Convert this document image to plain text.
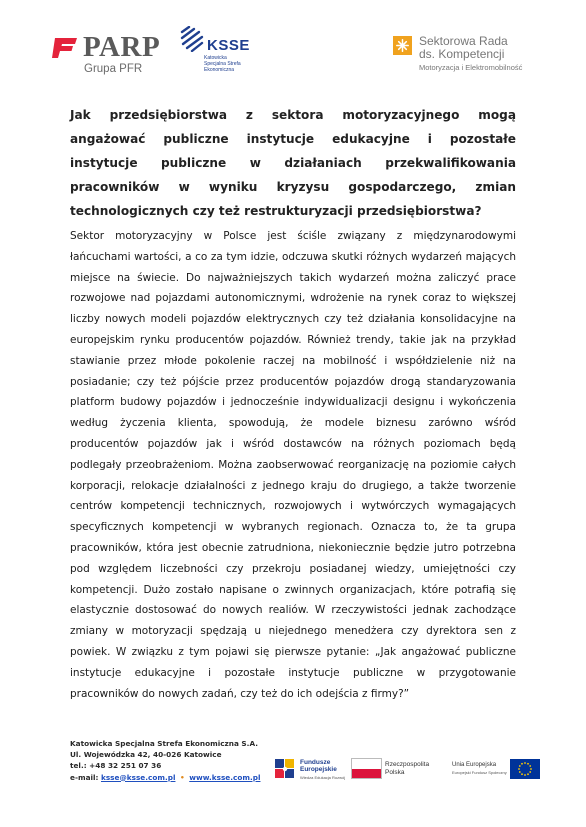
PARP
Grupa PFR
KSSE
Katowicka
Specjalna Strefa
Ekonomiczna
Sektorowa Rada
ds. Kompetencji
Motoryzacja i Elektromobilność
Jak przedsiębiorstwa z sektora motoryzacyjnego mogą angażować publiczne instytucje edukacyjne i pozostałe instytucje publiczne w działaniach przekwalifikowania pracowników w wyniku kryzysu gospodarczego, zmian technologicznych czy też restrukturyzacji przedsiębiorstwa?
Sektor motoryzacyjny w Polsce jest ściśle związany z międzynarodowymi łańcuchami wartości, a co za tym idzie, odczuwa skutki różnych wydarzeń mających miejsce na świecie. Do najważniejszych takich wydarzeń można zaliczyć prace rozwojowe nad pojazdami autonomicznymi, wdrożenie na rynek coraz to większej liczby nowych modeli pojazdów elektrycznych czy też działania konsolidacyjne na europejskim rynku producentów pojazdów. Również trendy, takie jak na przykład stawianie przez młode pokolenie raczej na mobilność i współdzielenie niż na posiadanie; czy też pójście przez producentów pojazdów drogą standaryzowania platform budowy pojazdów i jednocześnie indywidualizacji designu i wykończenia według życzenia klienta, spowodują, że modele biznesu zarówno wśród producentów pojazdów jak i wśród dostawców na różnych poziomach będą podlegały przeobrażeniom. Można zaobserwować reorganizację na poziomie całych korporacji, relokacje działalności z jednego kraju do drugiego, a także tworzenie centrów kompetencji technicznych, rozwojowych i wytwórczych wymagających specyficznych kompetencji w wybranych regionach. Oznacza to, że ta grupa pracowników, która jest obecnie zatrudniona, niekoniecznie będzie jutro potrzebna pod względem liczebności czy przekroju posiadanej wiedzy, umiejętności czy kompetencji. Dużo zostało napisane o zwinnych organizacjach, które potrafią się elastycznie dostosować do nowych realiów. W rzeczywistości jednak zachodzące zmiany w motoryzacji spędzają u niejednego menedżera czy dyrektora sen z powiek. W związku z tym pojawi się pierwsze pytanie: „Jak angażować publiczne instytucje edukacyjne i pozostałe instytucje publiczne w przygotowanie pracowników do nowych zadań, czy też do ich odejścia z firmy?”
Katowicka Specjalna Strefa Ekonomiczna S.A.
Ul. Wojewódzka 42, 40-026 Katowice
tel.: +48 32 251 07 36
e-mail: ksse@ksse.com.pl • www.ksse.com.pl
Fundusze
Europejskie
Wiedza Edukacja Rozwój
Rzeczpospolita
Polska
Unia Europejska
Europejski Fundusz Społeczny
